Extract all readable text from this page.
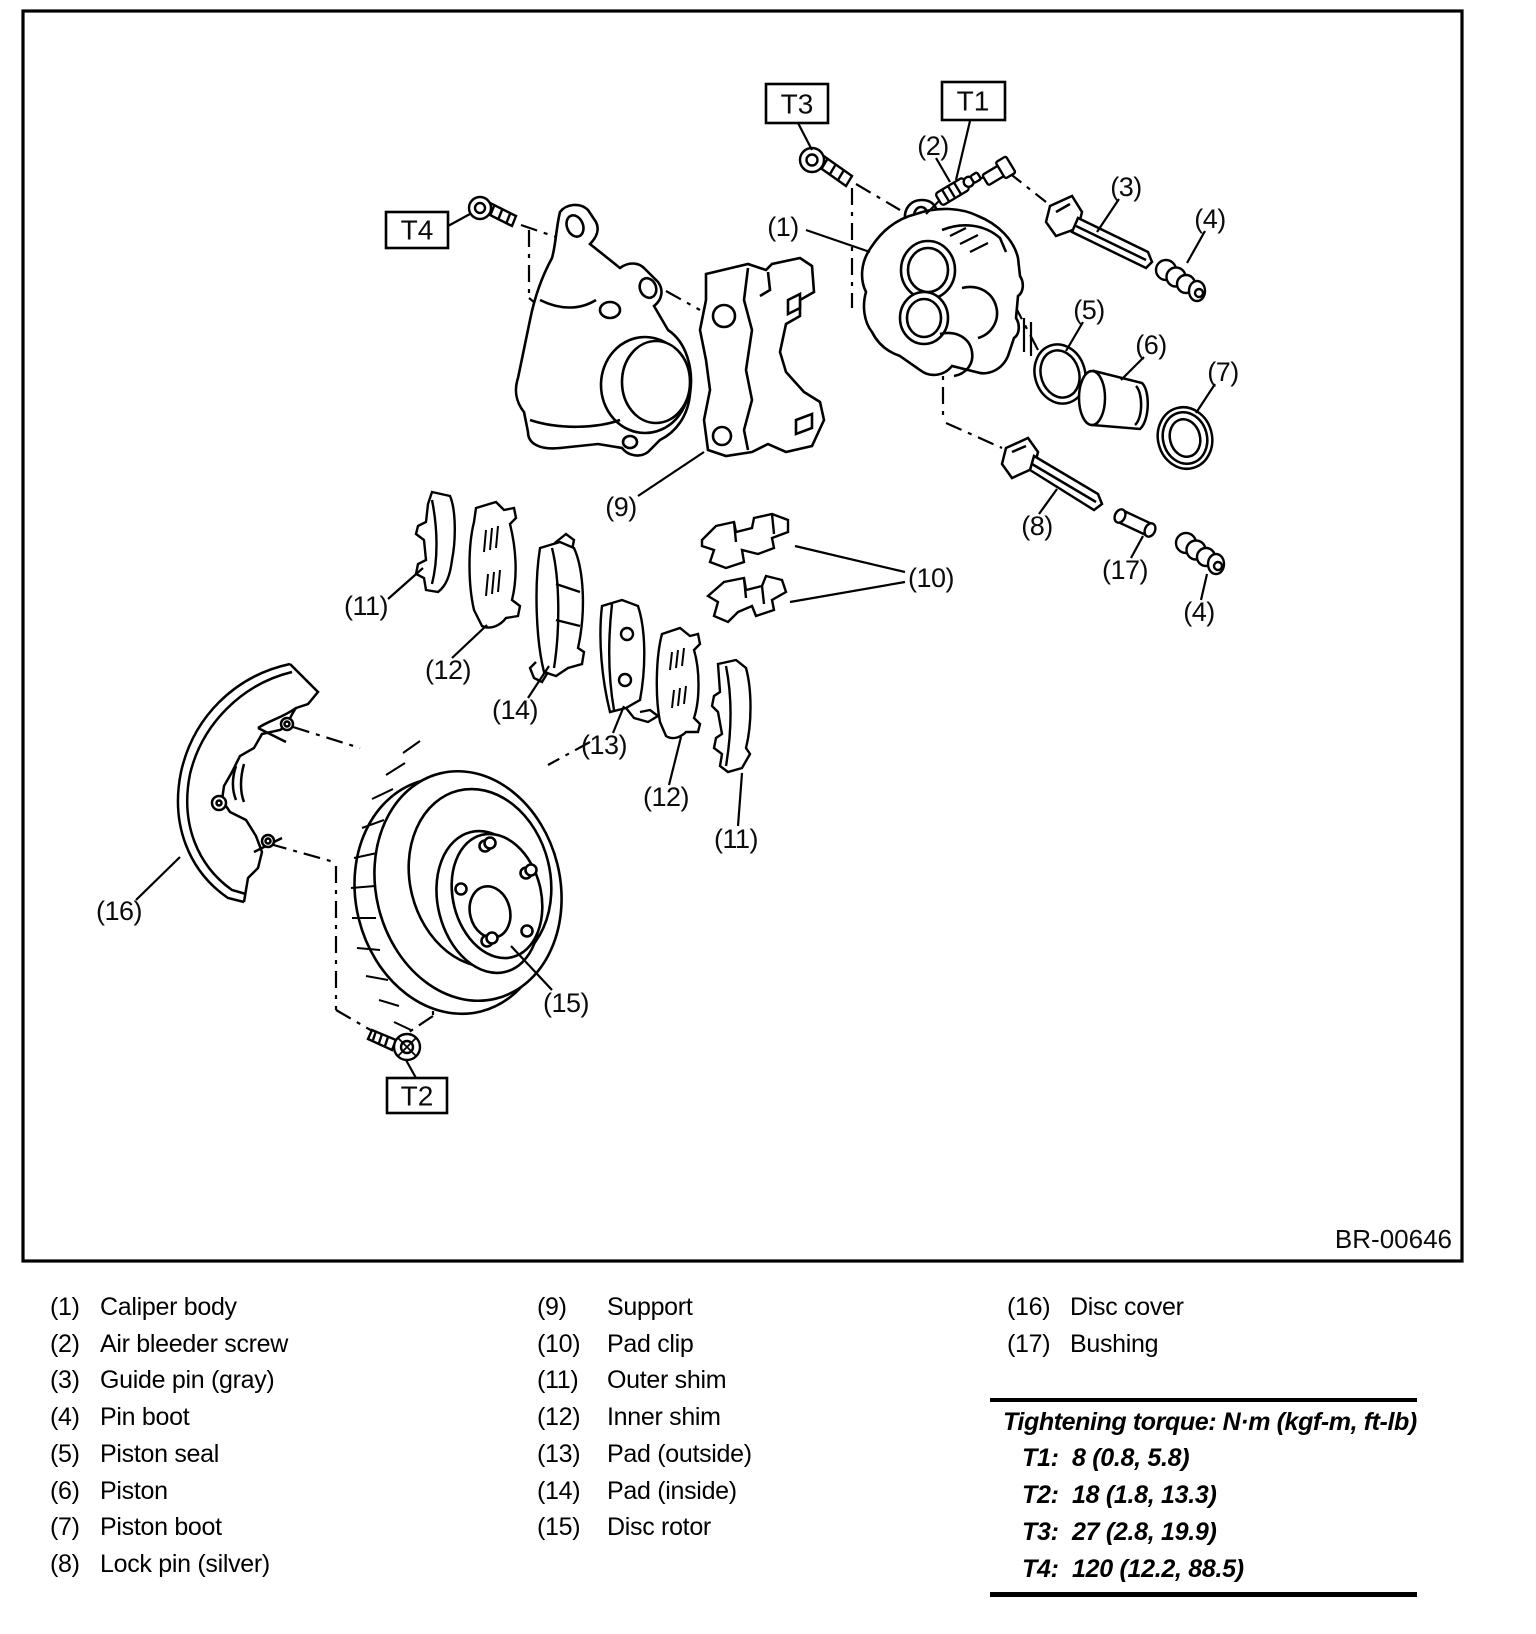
T3	T1
T4
T2
(1)
(2)
(3)
(4)
(5)
(6)
(7)
(8)
(9)
(10)
(11)
(12)
(14)
(13)
(12)
(11)
(15)
(16)
(17)
(4)
BR-00646
(1) Caliper body
(2) Air bleeder screw
(3) Guide pin (gray)
(4) Pin boot
(5) Piston seal
(6) Piston
(7) Piston boot
(8) Lock pin (silver)
(9)	Support
(10)	Pad clip
(11)	Outer shim
(12)	Inner shim
(13)	Pad (outside)
(14)	Pad (inside)
(15)	Disc rotor
(16) Disc cover
(17) Bushing
Tightening torque: N·m (kgf-m, ft-lb)
T1: 8 (0.8, 5.8)
T2: 18 (1.8, 13.3)
T3: 27 (2.8, 19.9)
T4: 120 (12.2, 88.5)
